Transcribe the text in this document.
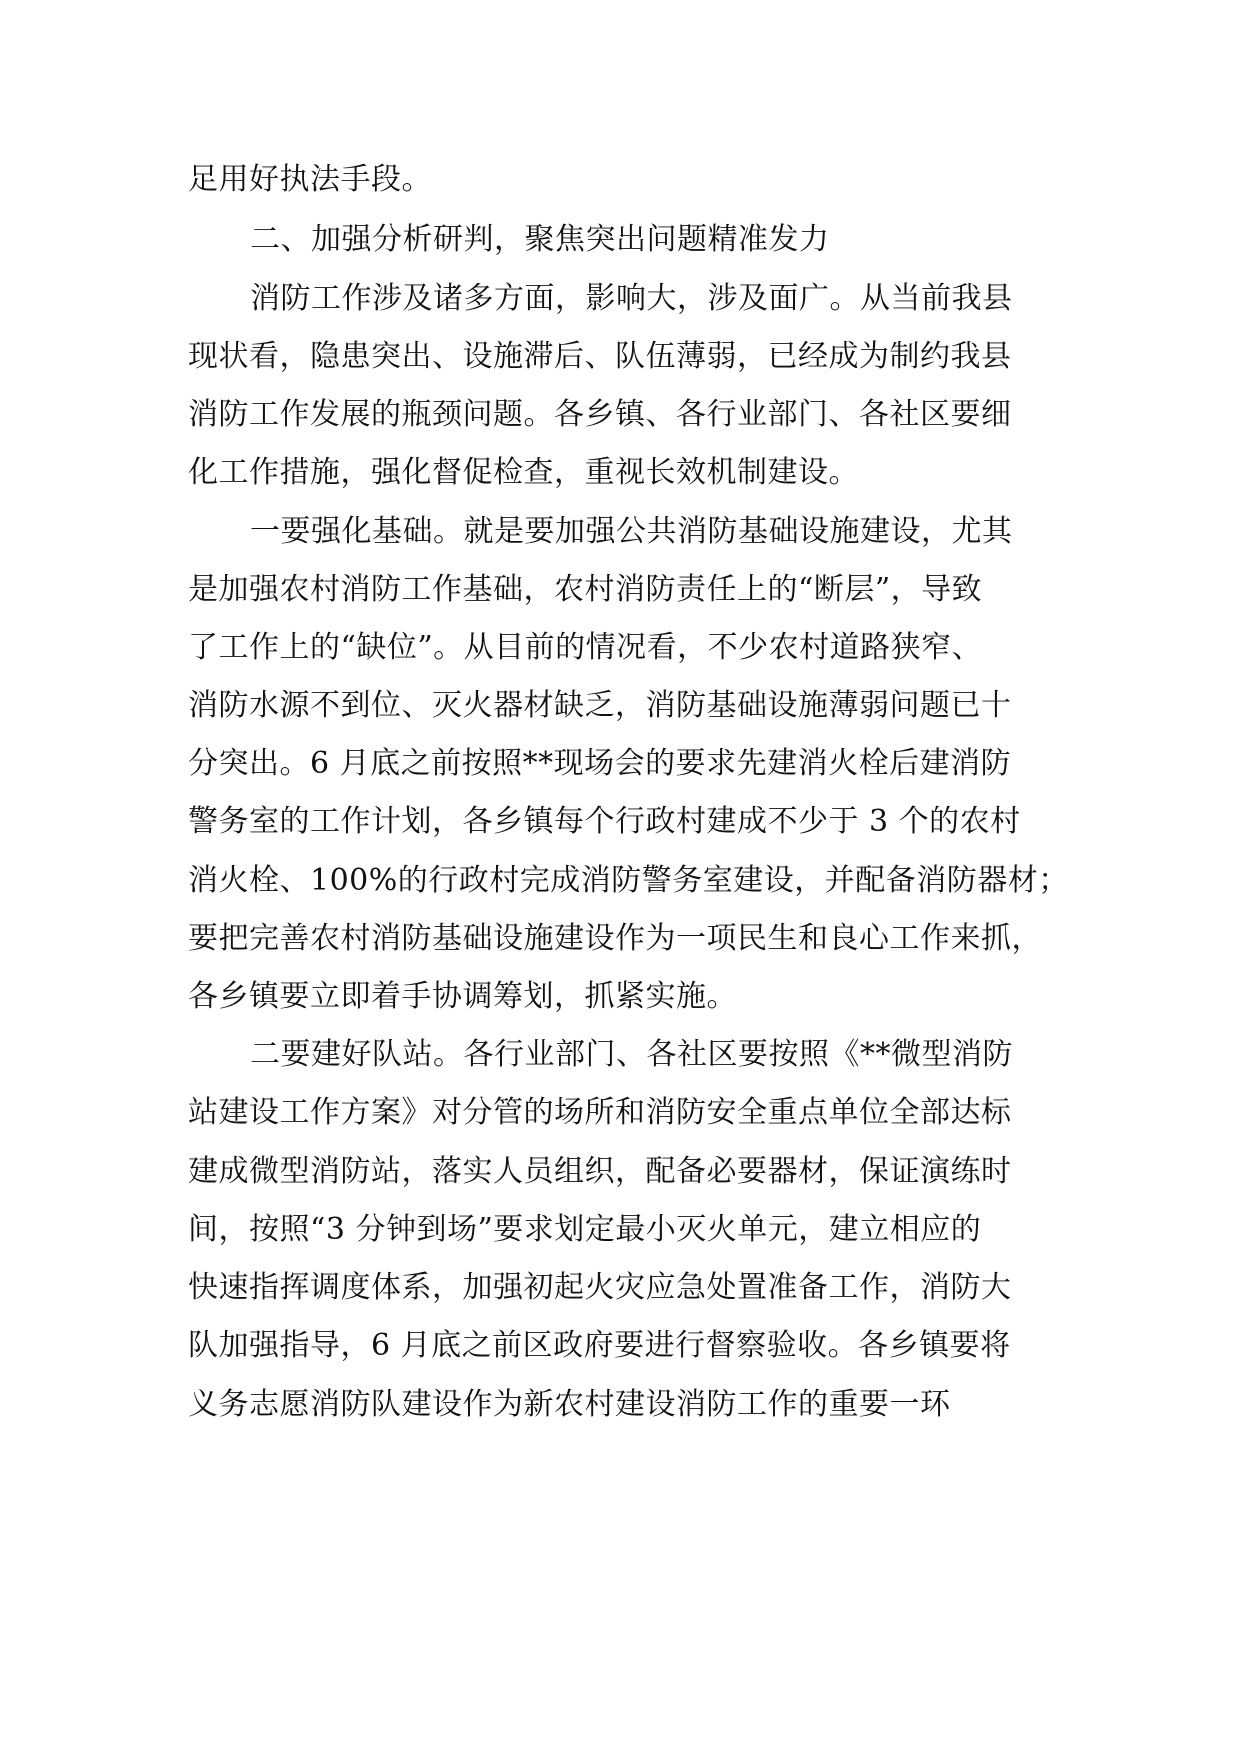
足用好执法手段。
二、加强分析研判，聚焦突出问题精准发力
消防工作涉及诸多方面，影响大，涉及面广。从当前我县
现状看，隐患突出、设施滞后、队伍薄弱，已经成为制约我县
消防工作发展的瓶颈问题。各乡镇、各行业部门、各社区要细
化工作措施，强化督促检查，重视长效机制建设。
一要强化基础。就是要加强公共消防基础设施建设，尤其
是加强农村消防工作基础，农村消防责任上的“断层”，导致
了工作上的“缺位”。从目前的情况看，不少农村道路狭窄、
消防水源不到位、灭火器材缺乏，消防基础设施薄弱问题已十
分突出。6 月底之前按照**现场会的要求先建消火栓后建消防
警务室的工作计划，各乡镇每个行政村建成不少于 3 个的农村
消火栓、100%的行政村完成消防警务室建设，并配备消防器材；
要把完善农村消防基础设施建设作为一项民生和良心工作来抓，
各乡镇要立即着手协调筹划，抓紧实施。
二要建好队站。各行业部门、各社区要按照《**微型消防
站建设工作方案》对分管的场所和消防安全重点单位全部达标
建成微型消防站，落实人员组织，配备必要器材，保证演练时
间，按照“3 分钟到场”要求划定最小灭火单元，建立相应的
快速指挥调度体系，加强初起火灾应急处置准备工作，消防大
队加强指导，6 月底之前区政府要进行督察验收。各乡镇要将
义务志愿消防队建设作为新农村建设消防工作的重要一环
